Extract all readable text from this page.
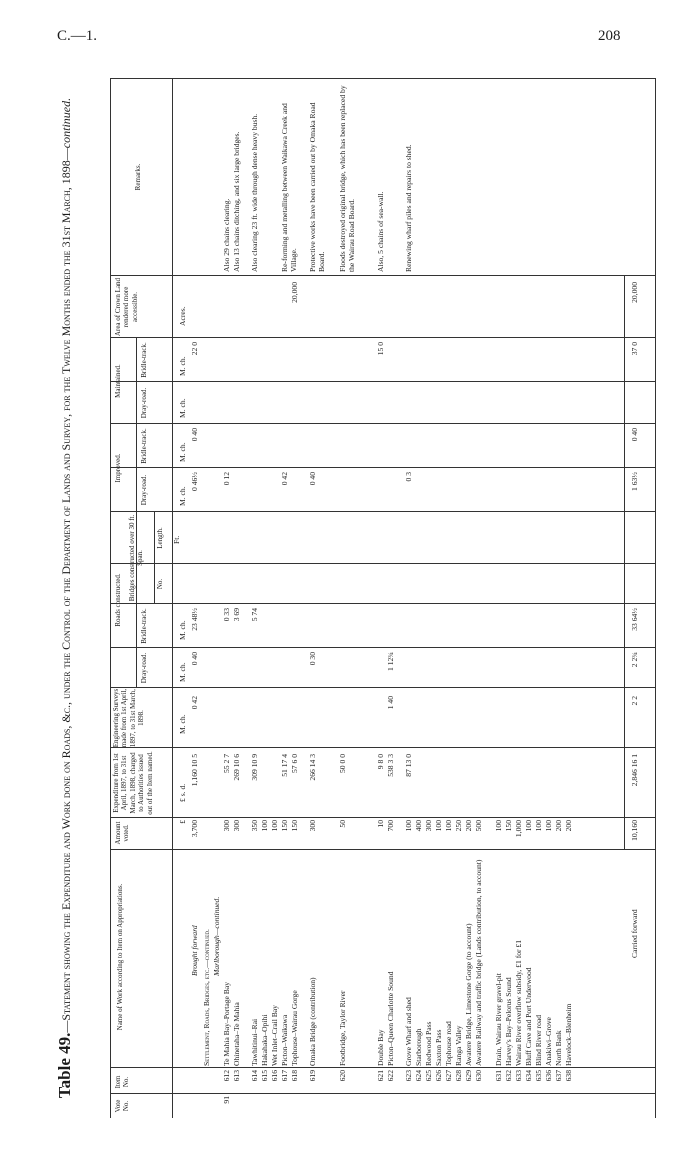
C.—1.	208
Table 49.—Statement showing the Expenditure and Work done on Roads, &c., under the Control of the Department of Lands and Survey, for the Twelve Months ended the 31st March, 1898—continued.
Vote No.
Item No.
Name of Work according to Item on Appropriations.
Amount voted.
Expenditure from 1st April, 1897, to 31st March, 1898, charged to Authorities issued out of the Item named.
Engineering Surveys made from 1st April, 1897, to 31st March, 1898.
Roads constructed.
Dray-road.
Bridle-track.
Bridges constructed over 30 ft. Span.
No.
Length.
Improved.
Dray-road.
Bridle-track.
Maintained.
Dray-road.
Bridle-track.
Area of Crown Land rendered more accessible.
Remarks.
£
£ s. d.
M. ch.
M. ch.
M. ch.
Ft.
M. ch.
M. ch.
M. ch.
M. ch.
Acres.
Brought forward
3,700
1,160 10 5
0 42
0 40
23 48½
0 46½
0 40
22 0
Settlement, Roads, Bridges, etc.—continued. Marlborough—continued.
91
612
Te Mahia Bay–Portage Bay
300
55 2 7
0 33
0 12
Also 29 chains clearing.
613
Ohinetaha–Te Mahia
300
269 10 6
3 69
Also 13 chains ditching, and six large bridges.
614
Tawhitinui–Rai
350
309 10 9
5 74
Also clearing 23 ft. wide through dense heavy bush.
615
Hakahaka–Opihi
100
616
Wet Inlet–Crail Bay
100
617
Picton–Waikawa
150
51 17 4
0 42
Re-forming and metalling between Waikawa Creek and Village.
618
Tophouse–Wairau Gorge
150
57 6 0
20,000
619
Omaka Bridge (contribution)
300
266 14 3
0 30
0 40
Protective works have been carried out by Omaka Road Board.
620
Footbridge, Taylor River
50
50 0 0
Floods destroyed original bridge, which has been replaced by the Wairau Road Board.
621
Double Bay
10
9 8 0
15 0
Also, 5 chains of sea-wall.
622
Picton–Queen Charlotte Sound
700
538 3 3
1 40
1 12¾
623
Grove Wharf and shed
100
87 13 0
0 3
Renewing wharf piles and repairs to shed.
624
Starborough
400
625
Redwood Pass
300
626
Saxton Pass
100
627
Tophouse road
100
628
Ranga Valley
250
629
Awatere Bridge, Limestone Gorge (to account)
200
630
Awatere Railway and traffic bridge (Lands contribution, to account)
500
631
Drain, Wairau River gravel-pit
100
632
Harvey's Bay–Pelorus Sound
150
633
Wairau River overflow subsidy, £1 for £1
1,000
634
Bluff Cave and Port Underwood
100
635
Blind River road
100
636
Anakiwi–Grove
100
637
North Bank
200
638
Havelock–Blenheim
200
Carried forward
10,160
2,846 16 1
2 2
2 2¾
33 64½
1 63½
0 40
37 0
20,000
